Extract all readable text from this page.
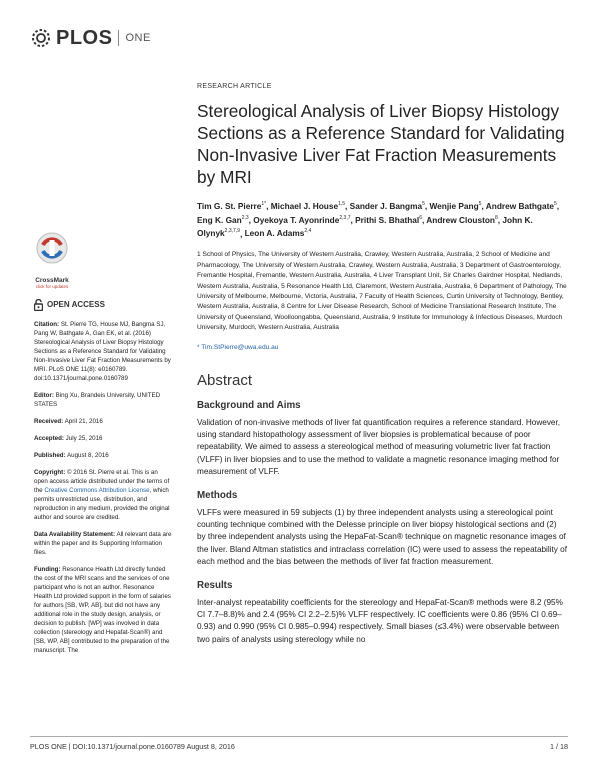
PLOS ONE
CrossMark
click for updates
OPEN ACCESS
Citation: St. Pierre TG, House MJ, Bangma SJ, Pang W, Bathgate A, Gan EK, et al. (2016) Stereological Analysis of Liver Biopsy Histology Sections as a Reference Standard for Validating Non-Invasive Liver Fat Fraction Measurements by MRI. PLoS ONE 11(8): e0160789. doi:10.1371/journal.pone.0160789
Editor: Bing Xu, Brandeis University, UNITED STATES
Received: April 21, 2016
Accepted: July 25, 2016
Published: August 8, 2016
Copyright: © 2016 St. Pierre et al. This is an open access article distributed under the terms of the Creative Commons Attribution License, which permits unrestricted use, distribution, and reproduction in any medium, provided the original author and source are credited.
Data Availability Statement: All relevant data are within the paper and its Supporting Information files.
Funding: Resonance Health Ltd directly funded the cost of the MRI scans and the services of one participant who is not an author. Resonance Health Ltd provided support in the form of salaries for authors [SB, WP, AB], but did not have any additional role in the study design, analysis, or decision to publish. [WP] was involved in data collection (stereology and Hepafat-Scan®) and [SB, WP, AB] contributed to the preparation of the manuscript. The
RESEARCH ARTICLE
Stereological Analysis of Liver Biopsy Histology Sections as a Reference Standard for Validating Non-Invasive Liver Fat Fraction Measurements by MRI
Tim G. St. Pierre$^{1*}$, Michael J. House$^{1,5}$, Sander J. Bangma$^5$, Wenjie Pang$^5$, Andrew Bathgate$^5$, Eng K. Gan$^{2,3}$, Oyekoya T. Ayonrinde$^{2,3,7}$, Prithi S. Bhathal$^6$, Andrew Clouston$^8$, John K. Olynyk$^{2,3,7,9}$, Leon A. Adams$^{2,4}$
1 School of Physics, The University of Western Australia, Crawley, Western Australia, Australia, 2 School of Medicine and Pharmacology, The University of Western Australia, Crawley, Western Australia, Australia, 3 Department of Gastroenterology, Fremantle Hospital, Fremantle, Western Australia, Australia, 4 Liver Transplant Unit, Sir Charles Gairdner Hospital, Nedlands, Western Australia, Australia, 5 Resonance Health Ltd, Claremont, Western Australia, Australia, 6 Department of Pathology, The University of Melbourne, Melbourne, Victoria, Australia, 7 Faculty of Health Sciences, Curtin University of Technology, Bentley, Western Australia, Australia, 8 Centre for Liver Disease Research, School of Medicine Translational Research Institute, The University of Queensland, Woolloongabba, Queensland, Australia, 9 Institute for Immunology & Infectious Diseases, Murdoch University, Murdoch, Western Australia, Australia
* Tim.StPierre@uwa.edu.au
Abstract
Background and Aims

Validation of non-invasive methods of liver fat quantification requires a reference standard. However, using standard histopathology assessment of liver biopsies is problematical because of poor repeatability. We aimed to assess a stereological method of measuring volumetric liver fat fraction (VLFF) in liver biopsies and to use the method to validate a magnetic resonance imaging method for measurement of VLFF.

Methods

VLFFs were measured in 59 subjects (1) by three independent analysts using a stereological point counting technique combined with the Delesse principle on liver biopsy histological sections and (2) by three independent analysts using the HepaFat-Scan® technique on magnetic resonance images of the liver. Bland Altman statistics and intraclass correlation (IC) were used to assess the repeatability of each method and the bias between the methods of liver fat fraction measurement.

Results

Inter-analyst repeatability coefficients for the stereology and HepaFat-Scan® methods were 8.2 (95% CI 7.7–8.8)% and 2.4 (95% CI 2.2–2.5)% VLFF respectively. IC coefficients were 0.86 (95% CI 0.69–0.93) and 0.990 (95% CI 0.985–0.994) respectively. Small biases (≤3.4%) were observable between two pairs of analysts using stereology while no

PLOS ONE | DOI:10.1371/journal.pone.0160789 August 8, 2016	1 / 18
